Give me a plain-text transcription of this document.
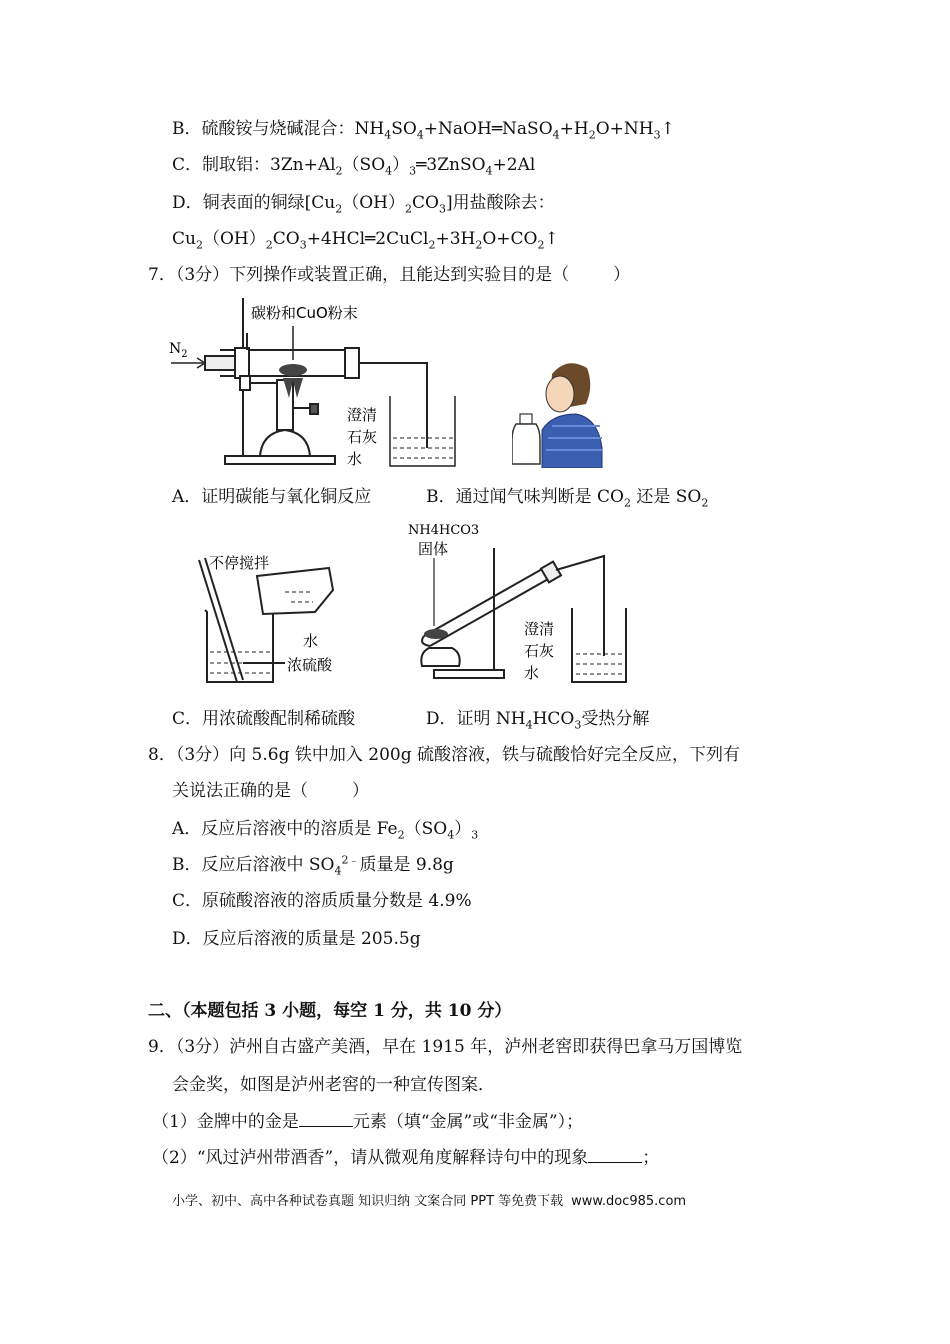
B．硫酸铵与烧碱混合：$NH_4SO_4+NaOH═NaSO_4+H_2O+NH_3↑$
C．制取铝：$3Zn+Al_2(SO_4)_3═3ZnSO_4+2Al$
D．铜表面的铜绿$[Cu_2(OH)_2CO_3]$用盐酸除去：
$Cu_2(OH)_2CO_3+4HCl═2CuCl_2+3H_2O+CO_2↑$
7．（3分）下列操作或装置正确，且能达到实验目的是（	）
碳粉和CuO粉末
$N_2$
澄清
石灰
水
A．证明碳能与氧化铜反应	B．通过闻气味判断是 $CO_2$ 还是 $SO_2$
不停搅拌
水
浓硫酸
NH4HCO3
固体
澄清
石灰
水
C．用浓硫酸配制稀硫酸	D．证明 $NH_4HCO_3$受热分解
8．（3分）向 5.6g 铁中加入 200g 硫酸溶液，铁与硫酸恰好完全反应，下列有
关说法正确的是（	）
A．反应后溶液中的溶质是 $Fe_2(SO_4)_3$
B．反应后溶液中 $SO_4^{2﹣}$质量是 9.8g
C．原硫酸溶液的溶质质量分数是 4.9%
D．反应后溶液的质量是 205.5g
二、（本题包括 3 小题，每空 1 分，共 10 分）
9．（3分）泸州自古盛产美酒，早在 1915 年，泸州老窖即获得巴拿马万国博览
会金奖，如图是泸州老窖的一种宣传图案．
（1）金牌中的金是	元素（填“金属”或“非金属”）；
（2）“风过泸州带酒香”，请从微观角度解释诗句中的现象	；
小学、初中、高中各种试卷真题 知识归纳 文案合同 PPT 等免费下载 www.doc985.com
